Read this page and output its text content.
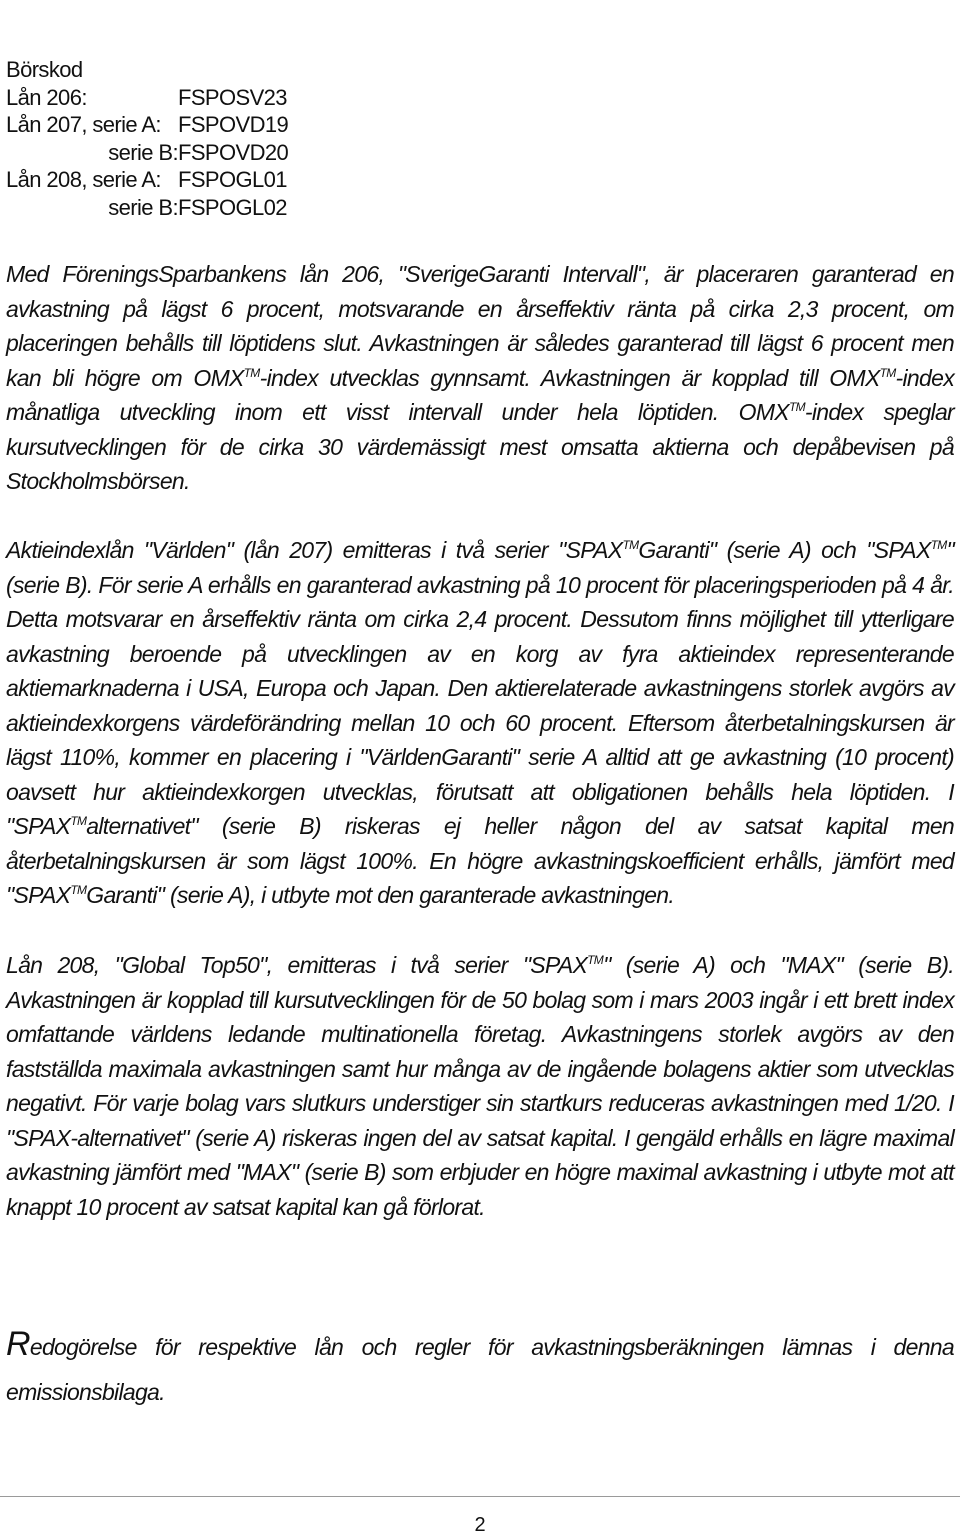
Börskod
Lån 206:	FSPOSV23
Lån 207, serie A: FSPOVD19
serie B:FSPOVD20
Lån 208, serie A: FSPOGL01
serie B:FSPOGL02

Med FöreningsSparbankens lån 206, "SverigeGaranti Intervall", är placeraren garanterad en avkastning på lägst 6 procent, motsvarande en årseffektiv ränta på cirka 2,3 procent, om placeringen behålls till löptidens slut. Avkastningen är således garanterad till lägst 6 procent men kan bli högre om OMX™-index utvecklas gynnsamt. Avkastningen är kopplad till OMX™-index månatliga utveckling inom ett visst intervall under hela löptiden. OMX™-index speglar kursutvecklingen för de cirka 30 värdemässigt mest omsatta aktierna och depåbevisen på Stockholmsbörsen.

Aktieindexlån "Världen" (lån 207) emitteras i två serier "SPAX™Garanti" (serie A) och "SPAX™" (serie B). För serie A erhålls en garanterad avkastning på 10 procent för placeringsperioden på 4 år. Detta motsvarar en årseffektiv ränta om cirka 2,4 procent. Dessutom finns möjlighet till ytterligare avkastning beroende på utvecklingen av en korg av fyra aktieindex representerande aktiemarknaderna i USA, Europa och Japan. Den aktierelaterade avkastningens storlek avgörs av aktieindexkorgens värdeförändring mellan 10 och 60 procent. Eftersom återbetalningskursen är lägst 110%, kommer en placering i "VärldenGaranti" serie A alltid att ge avkastning (10 procent) oavsett hur aktieindexkorgen utvecklas, förutsatt att obligationen behålls hela löptiden. I "SPAX™alternativet" (serie B) riskeras ej heller någon del av satsat kapital men återbetalningskursen är som lägst 100%. En högre avkastningskoefficient erhålls, jämfört med "SPAX™Garanti" (serie A), i utbyte mot den garanterade avkastningen.

Lån 208, "Global Top50", emitteras i två serier "SPAX™" (serie A) och "MAX" (serie B). Avkastningen är kopplad till kursutvecklingen för de 50 bolag som i mars 2003 ingår i ett brett index omfattande världens ledande multinationella företag. Avkastningens storlek avgörs av den fastställda maximala avkastningen samt hur många av de ingående bolagens aktier som utvecklas negativt. För varje bolag vars slutkurs understiger sin startkurs reduceras avkastningen med 1/20. I "SPAX-alternativet" (serie A) riskeras ingen del av satsat kapital. I gengäld erhålls en lägre maximal avkastning jämfört med "MAX" (serie B) som erbjuder en högre maximal avkastning i utbyte mot att knappt 10 procent av satsat kapital kan gå förlorat.

Redogörelse för respektive lån och regler för avkastningsberäkningen lämnas i denna emissionsbilaga.

2
